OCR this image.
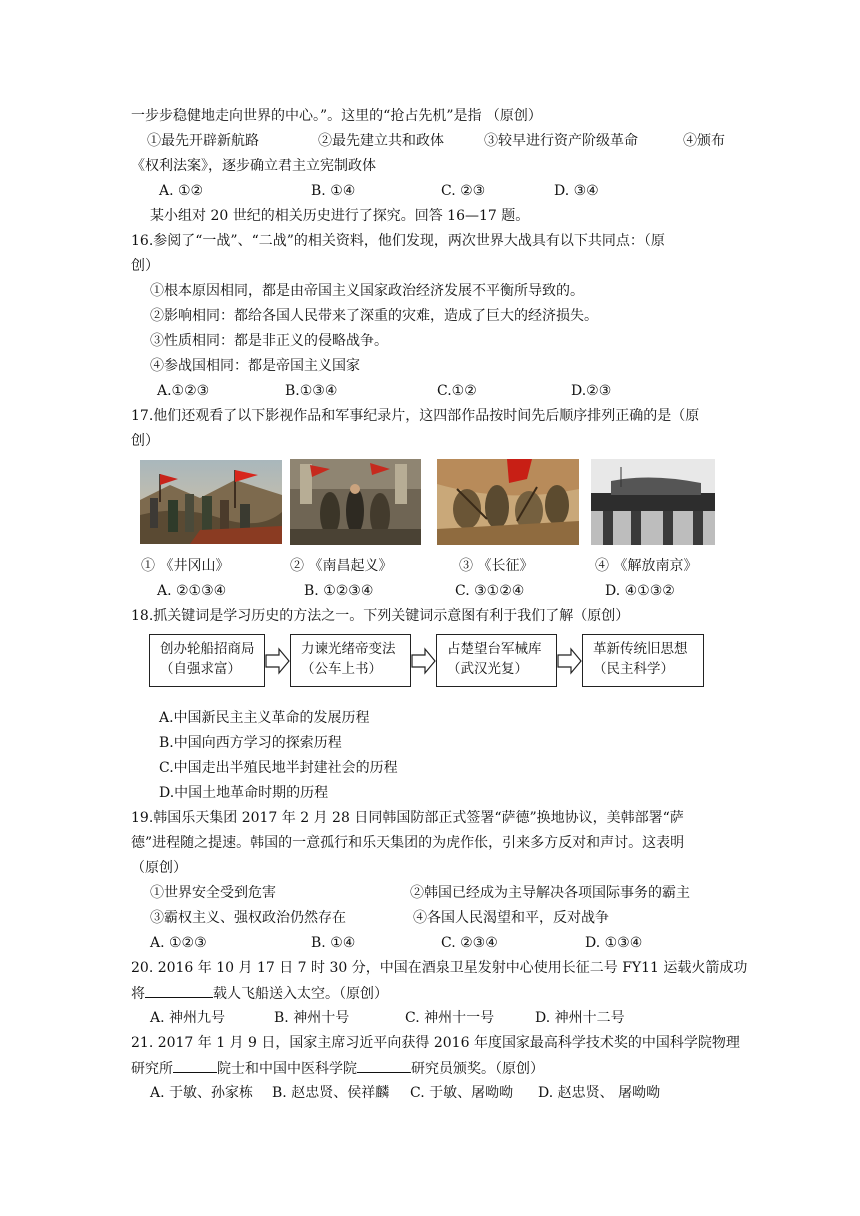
一步步稳健地走向世界的中心。”。这里的“抢占先机”是指 （原创）
①最先开辟新航路	②最先建立共和政体	③较早进行资产阶级革命	④颁布
《权利法案》，逐步确立君主立宪制政体
A. ①②	B. ①④	C. ②③	D. ③④
某小组对 20 世纪的相关历史进行了探究。回答 16—17 题。
16.参阅了“一战”、“二战”的相关资料，他们发现，两次世界大战具有以下共同点：（原
创）
①根本原因相同，都是由帝国主义国家政治经济发展不平衡所导致的。
②影响相同：都给各国人民带来了深重的灾难，造成了巨大的经济损失。
③性质相同：都是非正义的侵略战争。
④参战国相同：都是帝国主义国家
A.①②③	B.①③④	C.①②	D.②③
17.他们还观看了以下影视作品和军事纪录片，这四部作品按时间先后顺序排列正确的是（原
创）
① 《井冈山》	② 《南昌起义》	③ 《长征》	④ 《解放南京》
A. ②①③④	B. ①②③④	C. ③①②④	D. ④①③②
18.抓关键词是学习历史的方法之一。下列关键词示意图有利于我们了解（原创）
创办轮船招商局
（自强求富）
力谏光绪帝变法
（公车上书）
占楚望台军械库
（武汉光复）
革新传统旧思想
（民主科学）
A.中国新民主主义革命的发展历程
B.中国向西方学习的探索历程
C.中国走出半殖民地半封建社会的历程
D.中国土地革命时期的历程
19.韩国乐天集团 2017 年 2 月 28 日同韩国防部正式签署“萨德”换地协议，美韩部署“萨
德”进程随之提速。韩国的一意孤行和乐天集团的为虎作伥，引来多方反对和声讨。这表明
（原创）
①世界安全受到危害	②韩国已经成为主导解决各项国际事务的霸主
③霸权主义、强权政治仍然存在	④各国人民渴望和平，反对战争
A. ①②③	B. ①④	C. ②③④	D. ①③④
20. 2016 年 10 月 17 日 7 时 30 分，中国在酒泉卫星发射中心使用长征二号 FY11 运载火箭成功
将	载人飞船送入太空。（原创）
A. 神州九号	B. 神州十号	C. 神州十一号	D. 神州十二号
21. 2017 年 1 月 9 日，国家主席习近平向获得 2016 年度国家最高科学技术奖的中国科学院物理
研究所	院士和中国中医科学院	研究员颁奖。（原创）
A. 于敏、孙家栋 B. 赵忠贤、侯祥麟 C. 于敏、屠呦呦 D. 赵忠贤、 屠呦呦
